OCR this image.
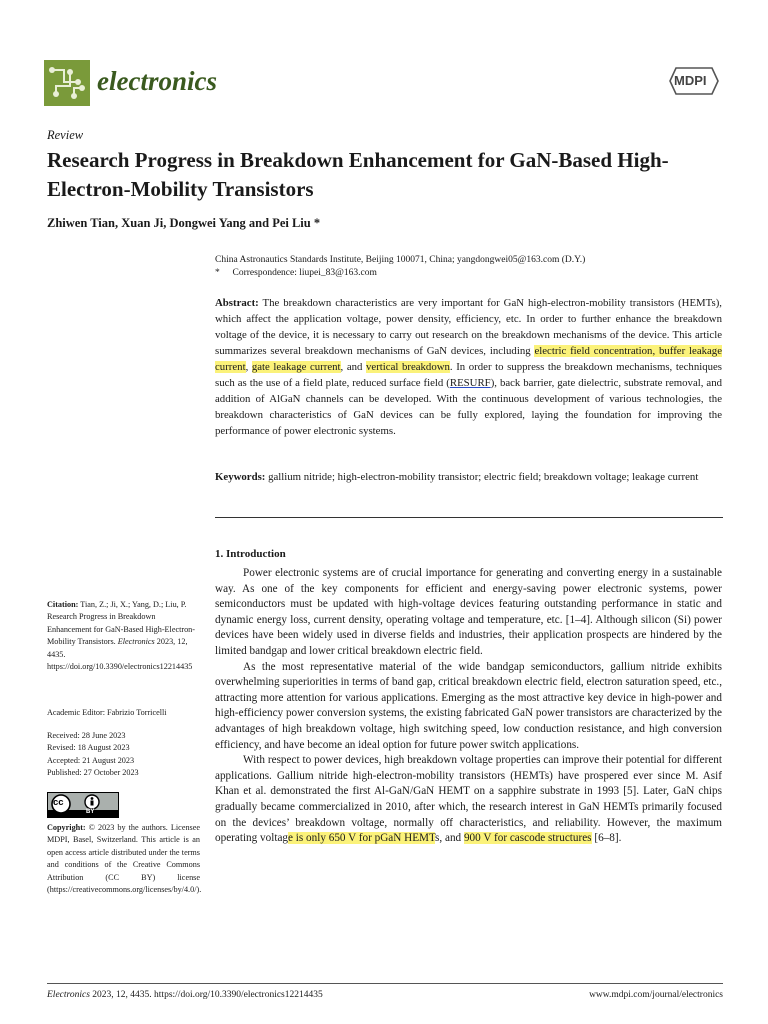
electronics	MDPI
Review
Research Progress in Breakdown Enhancement for GaN-Based High-Electron-Mobility Transistors
Zhiwen Tian, Xuan Ji, Dongwei Yang and Pei Liu *
China Astronautics Standards Institute, Beijing 100071, China; yangdongwei05@163.com (D.Y.)
* Correspondence: liupei_83@163.com
Abstract: The breakdown characteristics are very important for GaN high-electron-mobility transistors (HEMTs), which affect the application voltage, power density, efficiency, etc. In order to further enhance the breakdown voltage of the device, it is necessary to carry out research on the breakdown mechanisms of the device. This article summarizes several breakdown mechanisms of GaN devices, including electric field concentration, buffer leakage current, gate leakage current, and vertical breakdown. In order to suppress the breakdown mechanisms, techniques such as the use of a field plate, reduced surface field (RESURF), back barrier, gate dielectric, substrate removal, and addition of AlGaN channels can be developed. With the continuous development of various technologies, the breakdown characteristics of GaN devices can be fully explored, laying the foundation for improving the performance of power electronic systems.
Keywords: gallium nitride; high-electron-mobility transistor; electric field; breakdown voltage; leakage current
1. Introduction

Power electronic systems are of crucial importance for generating and converting energy in a sustainable way. As one of the key components for efficient and energy-saving power electronic systems, power semiconductors must be updated with high-voltage devices featuring outstanding performance in static and dynamic energy loss, current density, operating voltage and temperature, etc. [1–4]. Although silicon (Si) power devices have been widely used in diverse fields and industries, their application prospects are hindered by the limited bandgap and lower critical breakdown electric field.

As the most representative material of the wide bandgap semiconductors, gallium nitride exhibits overwhelming superiorities in terms of band gap, critical breakdown electric field, electron saturation speed, etc., attracting more attention for various applications. Emerging as the most attractive key device in high-power and high-efficiency power conversion systems, the existing fabricated GaN power transistors are characterized by the advantages of high breakdown voltage, high switching speed, low conduction resistance, and high conversion efficiency, and have become an ideal option for future power switch applications.

With respect to power devices, high breakdown voltage properties can improve their potential for different applications. Gallium nitride high-electron-mobility transistors (HEMTs) have prospered ever since M. Asif Khan et al. demonstrated the first Al-GaN/GaN HEMT on a sapphire substrate in 1993 [5]. Later, GaN chips gradually became commercialized in 2010, after which, the research interest in GaN HEMTs primarily focused on the devices’ breakdown voltage, normally off characteristics, and reliability. However, the maximum operating voltage is only 650 V for pGaN HEMTs, and 900 V for cascode structures [6–8].

Citation: Tian, Z.; Ji, X.; Yang, D.; Liu, P. Research Progress in Breakdown Enhancement for GaN-Based High-Electron-Mobility Transistors. Electronics 2023, 12, 4435. https://doi.org/10.3390/electronics12214435
Academic Editor: Fabrizio Torricelli
Received: 28 June 2023
Revised: 18 August 2023
Accepted: 21 August 2023
Published: 27 October 2023
cc
BY
Copyright: © 2023 by the authors. Licensee MDPI, Basel, Switzerland. This article is an open access article distributed under the terms and conditions of the Creative Commons Attribution (CC BY) license (https://creativecommons.org/licenses/by/4.0/).
Electronics 2023, 12, 4435. https://doi.org/10.3390/electronics12214435	www.mdpi.com/journal/electronics
